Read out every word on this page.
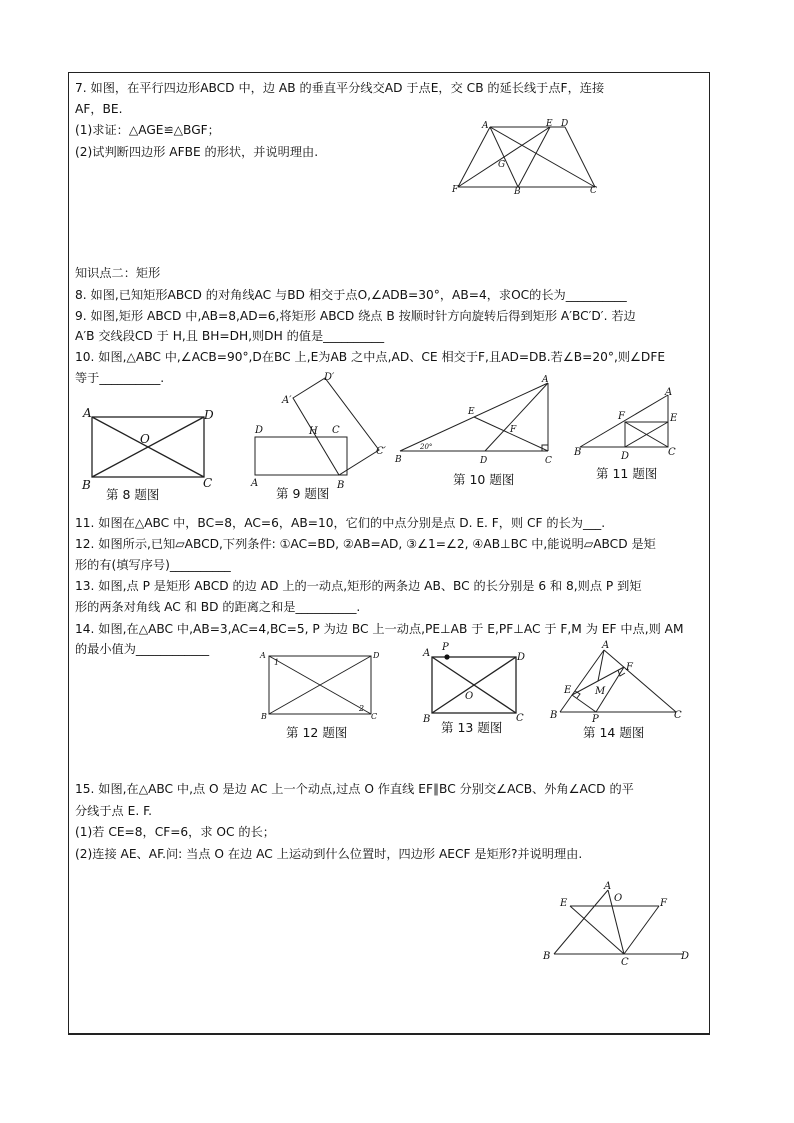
7. 如图，在平行四边形ABCD 中，边 AB 的垂直平分线交AD 于点E，交 CB 的延长线于点F，连接
AF，BE.
(1)求证：△AGE≌△BGF；
(2)试判断四边形 AFBE 的形状，并说明理由.
A	E D
G
F	B	C
知识点二：矩形
8. 如图,已知矩形ABCD 的对角线AC 与BD 相交于点O,∠ADB=30°，AB=4，求OC的长为__________
9. 如图,矩形 ABCD 中,AB=8,AD=6,将矩形 ABCD 绕点 B 按顺时针方向旋转后得到矩形 A′BC′D′. 若边
A′B 交线段CD 于 H,且 BH=DH,则DH 的值是__________
10. 如图,△ABC 中,∠ACB=90°,D在BC 上,E为AB 之中点,AD、CE 相交于F,且AD=DB.若∠B=20°,则∠DFE
等于__________.
A	D
O
B	C
第 8 题图
D′
A′
H
D	C
C′
A	B
第 9 题图
A
E
F
20°
B	D	C
第 10 题图
A
F	E
B	D	C
第 11 题图
11. 如图在△ABC 中，BC=8，AC=6，AB=10，它们的中点分别是点 D. E. F，则 CF 的长为___.
12. 如图所示,已知▱ABCD,下列条件: ①AC=BD, ②AB=AD, ③∠1=∠2, ④AB⊥BC 中,能说明▱ABCD 是矩
形的有(填写序号)__________
13. 如图,点 P 是矩形 ABCD 的边 AD 上的一动点,矩形的两条边 AB、BC 的长分别是 6 和 8,则点 P 到矩
形的两条对角线 AC 和 BD 的距离之和是__________.
14. 如图,在△ABC 中,AB=3,AC=4,BC=5, P 为边 BC 上一动点,PE⊥AB 于 E,PF⊥AC 于 F,M 为 EF 中点,则 AM
的最小值为____________	A
1
D
2
B	C
第 12 题图
A
P
D
O
B	C
第 13 题图
A
F
E M
B	P	C
第 14 题图
15. 如图,在△ABC 中,点 O 是边 AC 上一个动点,过点 O 作直线 EF∥BC 分别交∠ACB、外角∠ACD 的平
分线于点 E. F.
(1)若 CE=8，CF=6，求 OC 的长；
(2)连接 AE、AF.问: 当点 O 在边 AC 上运动到什么位置时，四边形 AECF 是矩形?并说明理由.
A
O
E	F
B
C
D
